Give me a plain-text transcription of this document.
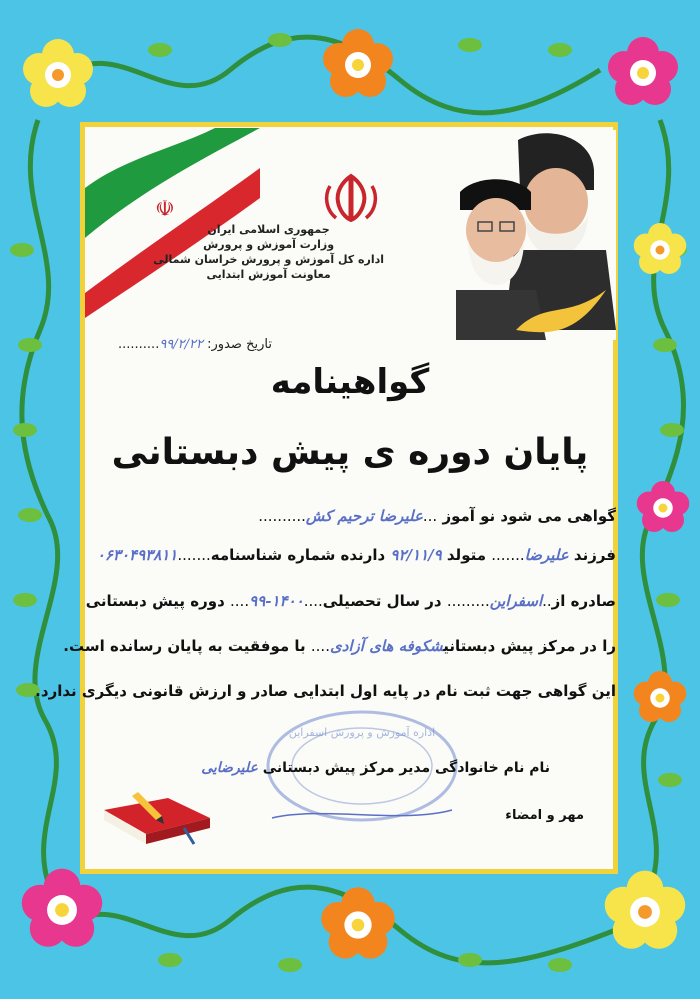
☫
جمهوری اسلامی ایران
وزارت آموزش و پرورش
اداره کل آموزش و پرورش خراسان شمالی
معاونت آموزش ابتدایی
تاریخ صدور: ۹۹/۲/۲۲..........
گواهینامه
پایان دوره ی پیش دبستانی
گواهی می شود نو آموز ...علیرضا ترحیم کش..........
فرزند علیرضا....... متولد ۹۲/۱۱/۹ دارنده شماره شناسنامه.......۰۶۳۰۴۹۳۸۱۱
صادره از..اسفراین......... در سال تحصیلی....۱۴۰۰-۹۹.... دوره پیش دبستانی
را در مرکز پیش دبستانیشکوفه های آزادی.... با موفقیت به پایان رسانده است.
این گواهی جهت ثبت نام در پایه اول ابتدایی صادر و ارزش قانونی دیگری ندارد.
اداره آموزش و پرورش اسفراین
نام نام خانوادگی مدیر مرکز پیش دبستانی علیرضایی
مهر و امضاء
